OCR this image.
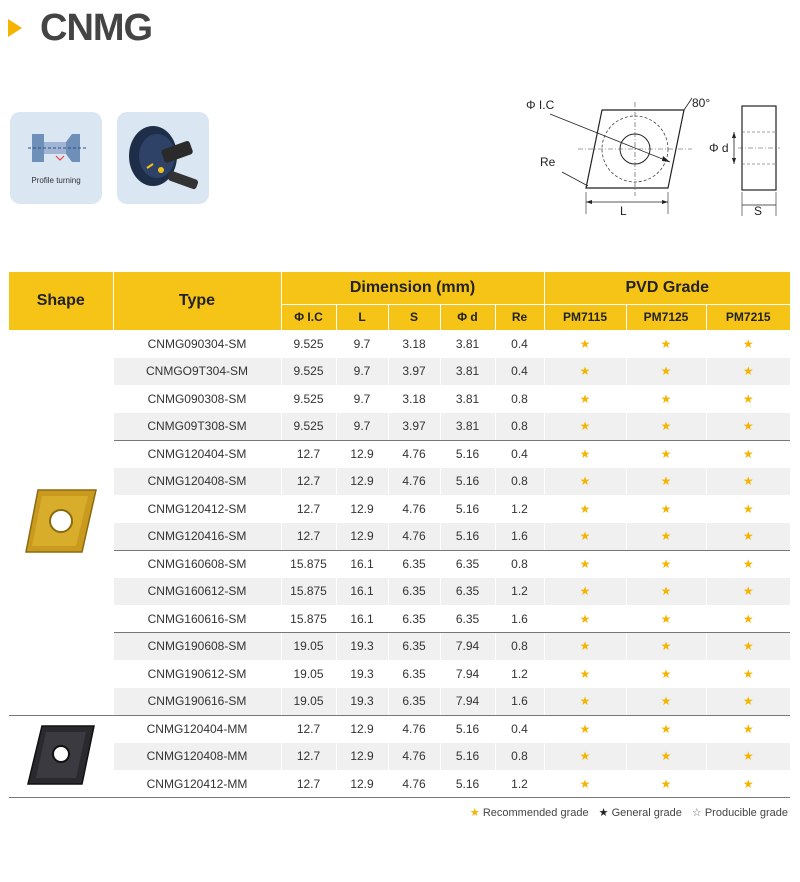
CNMG
Profile turning
Φ I.C	80°
Re
L
Φ d
S
Shape	Type	Dimension (mm)					PVD Grade		
		Φ I.C	L	S	Φ d	Re	PM7115	PM7125	PM7215
	CNMG090304-SM	9.525	9.7	3.18	3.81	0.4	★	★	★
	CNMGO9T304-SM	9.525	9.7	3.97	3.81	0.4	★	★	★
	CNMG090308-SM	9.525	9.7	3.18	3.81	0.8	★	★	★
	CNMG09T308-SM	9.525	9.7	3.97	3.81	0.8	★	★	★
	CNMG120404-SM	12.7	12.9	4.76	5.16	0.4	★	★	★
	CNMG120408-SM	12.7	12.9	4.76	5.16	0.8	★	★	★
	CNMG120412-SM	12.7	12.9	4.76	5.16	1.2	★	★	★
	CNMG120416-SM	12.7	12.9	4.76	5.16	1.6	★	★	★
	CNMG160608-SM	15.875	16.1	6.35	6.35	0.8	★	★	★
	CNMG160612-SM	15.875	16.1	6.35	6.35	1.2	★	★	★
	CNMG160616-SM	15.875	16.1	6.35	6.35	1.6	★	★	★
	CNMG190608-SM	19.05	19.3	6.35	7.94	0.8	★	★	★
	CNMG190612-SM	19.05	19.3	6.35	7.94	1.2	★	★	★
	CNMG190616-SM	19.05	19.3	6.35	7.94	1.6	★	★	★
	CNMG120404-MM	12.7	12.9	4.76	5.16	0.4	★	★	★
	CNMG120408-MM	12.7	12.9	4.76	5.16	0.8	★	★	★
	CNMG120412-MM	12.7	12.9	4.76	5.16	1.2	★	★	★
★ Recommended grade ★ General grade ☆ Producible grade
